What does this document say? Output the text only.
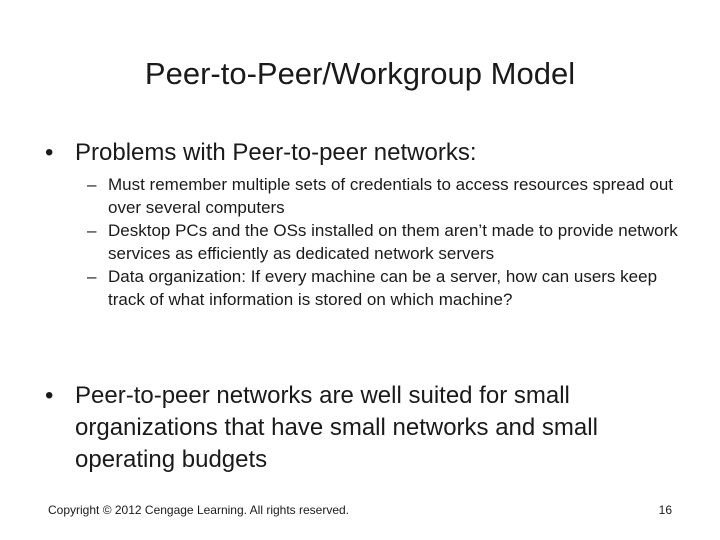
Peer-to-Peer/Workgroup Model

• Problems with Peer-to-peer networks:

– Must remember multiple sets of credentials to access resources spread out over several computers

– Desktop PCs and the OSs installed on them aren’t made to provide network services as efficiently as dedicated network servers

– Data organization: If every machine can be a server, how can users keep track of what information is stored on which machine?

• Peer-to-peer networks are well suited for small organizations that have small networks and small operating budgets

Copyright © 2012 Cengage Learning. All rights reserved.	16
